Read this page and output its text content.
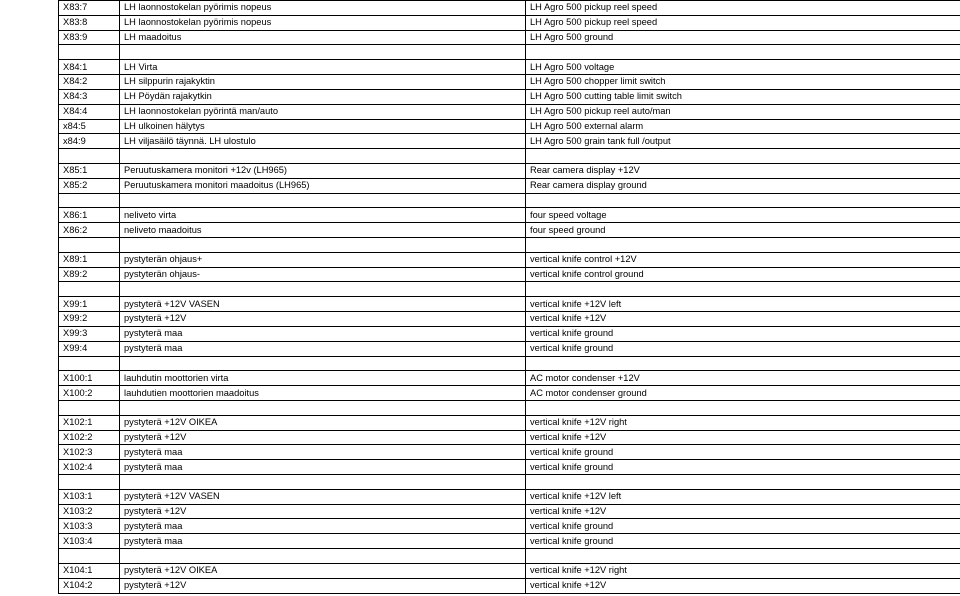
X83:7	LH laonnostokelan pyörimis nopeus	LH Agro 500 pickup reel speed
X83:8	LH laonnostokelan pyörimis nopeus	LH Agro 500 pickup reel speed
X83:9	LH maadoitus	LH Agro 500 ground

X84:1	LH Virta	LH Agro 500 voltage
X84:2	LH silppurin rajakyktin	LH Agro 500 chopper limit switch
X84:3	LH Pöydän rajakytkin	LH Agro 500 cutting table limit switch
X84:4	LH laonnostokelan pyörintä man/auto	LH Agro 500 pickup reel auto/man
x84:5	LH ulkoinen hälytys	LH Agro 500 external alarm
x84:9	LH viljasäilö täynnä. LH ulostulo	LH Agro 500 grain tank full /output

X85:1	Peruutuskamera monitori +12v (LH965)	Rear camera display +12V
X85:2	Peruutuskamera monitori maadoitus (LH965)	Rear camera display ground

X86:1	neliveto virta	four speed voltage
X86:2	neliveto maadoitus	four speed ground

X89:1	pystyterän ohjaus+	vertical knife control +12V
X89:2	pystyterän ohjaus-	vertical knife control ground

X99:1	pystyterä +12V VASEN	vertical knife +12V left
X99:2	pystyterä +12V	vertical knife +12V
X99:3	pystyterä maa	vertical knife ground
X99:4	pystyterä maa	vertical knife ground

X100:1	lauhdutin moottorien virta	AC motor condenser +12V
X100:2	lauhdutien moottorien maadoitus	AC motor condenser ground

X102:1	pystyterä +12V OIKEA	vertical knife +12V right
X102:2	pystyterä +12V	vertical knife +12V
X102:3	pystyterä maa	vertical knife ground
X102:4	pystyterä maa	vertical knife ground

X103:1	pystyterä +12V VASEN	vertical knife +12V left
X103:2	pystyterä +12V	vertical knife +12V
X103:3	pystyterä maa	vertical knife ground
X103:4	pystyterä maa	vertical knife ground

X104:1	pystyterä +12V OIKEA	vertical knife +12V right
X104:2	pystyterä +12V	vertical knife +12V
